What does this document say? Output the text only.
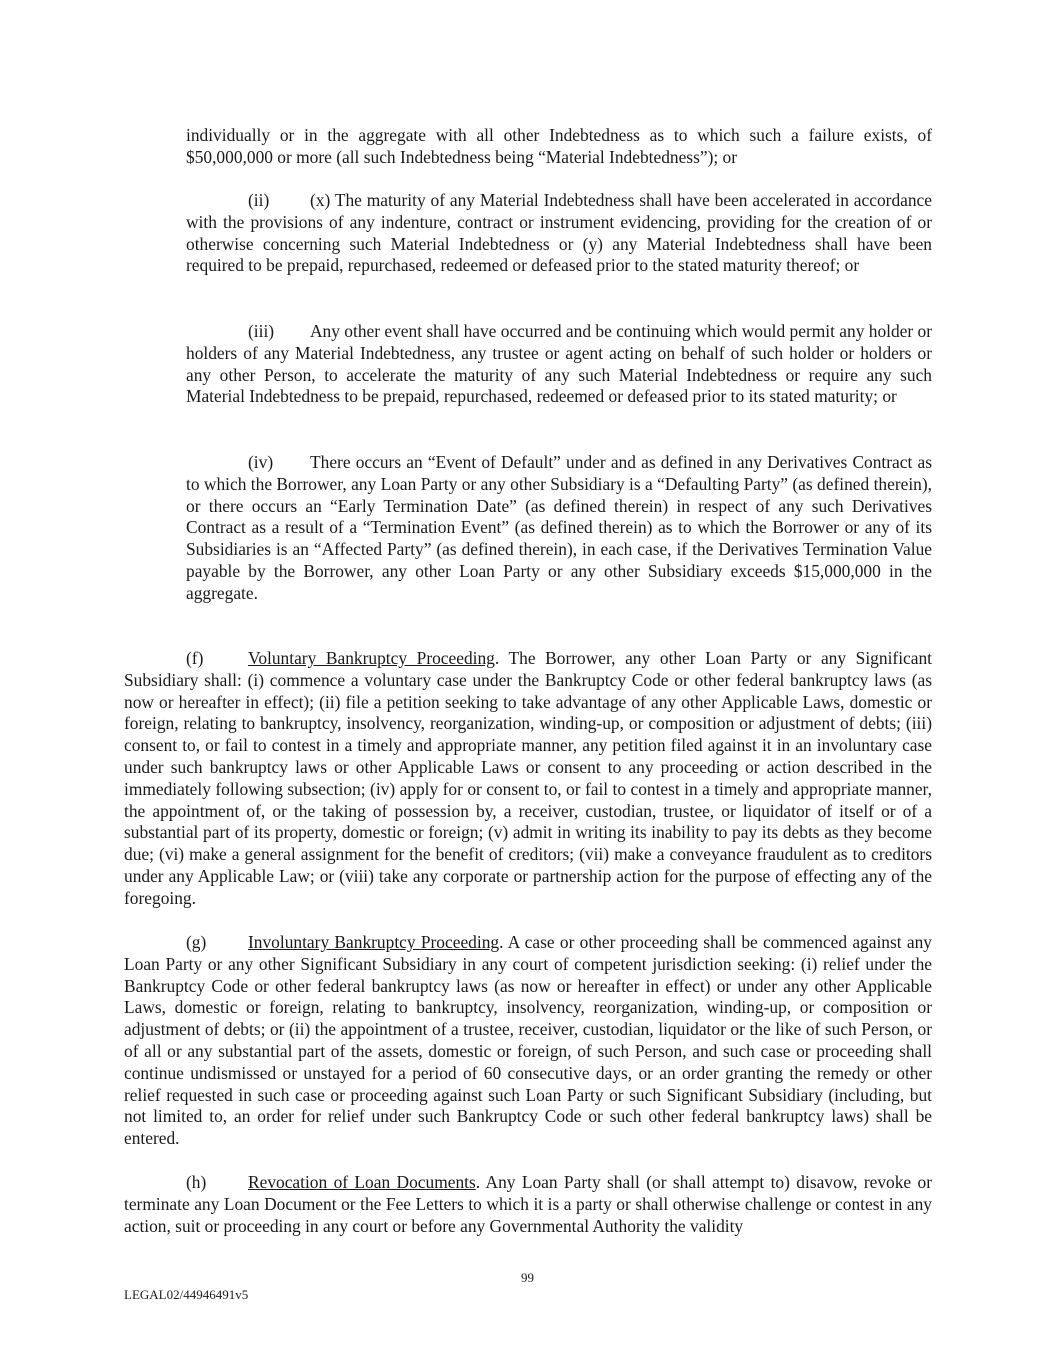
individually or in the aggregate with all other Indebtedness as to which such a failure exists, of $50,000,000 or more (all such Indebtedness being “Material Indebtedness”); or

(ii) (x) The maturity of any Material Indebtedness shall have been accelerated in accordance with the provisions of any indenture, contract or instrument evidencing, providing for the creation of or otherwise concerning such Material Indebtedness or (y) any Material Indebtedness shall have been required to be prepaid, repurchased, redeemed or defeased prior to the stated maturity thereof; or

(iii) Any other event shall have occurred and be continuing which would permit any holder or holders of any Material Indebtedness, any trustee or agent acting on behalf of such holder or holders or any other Person, to accelerate the maturity of any such Material Indebtedness or require any such Material Indebtedness to be prepaid, repurchased, redeemed or defeased prior to its stated maturity; or

(iv) There occurs an “Event of Default” under and as defined in any Derivatives Contract as to which the Borrower, any Loan Party or any other Subsidiary is a “Defaulting Party” (as defined therein), or there occurs an “Early Termination Date” (as defined therein) in respect of any such Derivatives Contract as a result of a “Termination Event” (as defined therein) as to which the Borrower or any of its Subsidiaries is an “Affected Party” (as defined therein), in each case, if the Derivatives Termination Value payable by the Borrower, any other Loan Party or any other Subsidiary exceeds $15,000,000 in the aggregate.

(f)	Voluntary Bankruptcy Proceeding. The Borrower, any other Loan Party or any Significant Subsidiary shall: (i) commence a voluntary case under the Bankruptcy Code or other federal bankruptcy laws (as now or hereafter in effect); (ii) file a petition seeking to take advantage of any other Applicable Laws, domestic or foreign, relating to bankruptcy, insolvency, reorganization, winding-up, or composition or adjustment of debts; (iii) consent to, or fail to contest in a timely and appropriate manner, any petition filed against it in an involuntary case under such bankruptcy laws or other Applicable Laws or consent to any proceeding or action described in the immediately following subsection; (iv) apply for or consent to, or fail to contest in a timely and appropriate manner, the appointment of, or the taking of possession by, a receiver, custodian, trustee, or liquidator of itself or of a substantial part of its property, domestic or foreign; (v) admit in writing its inability to pay its debts as they become due; (vi) make a general assignment for the benefit of creditors; (vii) make a conveyance fraudulent as to creditors under any Applicable Law; or (viii) take any corporate or partnership action for the purpose of effecting any of the foregoing.

(g) Involuntary Bankruptcy Proceeding. A case or other proceeding shall be commenced against any Loan Party or any other Significant Subsidiary in any court of competent jurisdiction seeking: (i) relief under the Bankruptcy Code or other federal bankruptcy laws (as now or hereafter in effect) or under any other Applicable Laws, domestic or foreign, relating to bankruptcy, insolvency, reorganization, winding-up, or composition or adjustment of debts; or (ii) the appointment of a trustee, receiver, custodian, liquidator or the like of such Person, or of all or any substantial part of the assets, domestic or foreign, of such Person, and such case or proceeding shall continue undismissed or unstayed for a period of 60 consecutive days, or an order granting the remedy or other relief requested in such case or proceeding against such Loan Party or such Significant Subsidiary (including, but not limited to, an order for relief under such Bankruptcy Code or such other federal bankruptcy laws) shall be entered.

(h) Revocation of Loan Documents. Any Loan Party shall (or shall attempt to) disavow, revoke or terminate any Loan Document or the Fee Letters to which it is a party or shall otherwise challenge or contest in any action, suit or proceeding in any court or before any Governmental Authority the validity

99
LEGAL02/44946491v5
